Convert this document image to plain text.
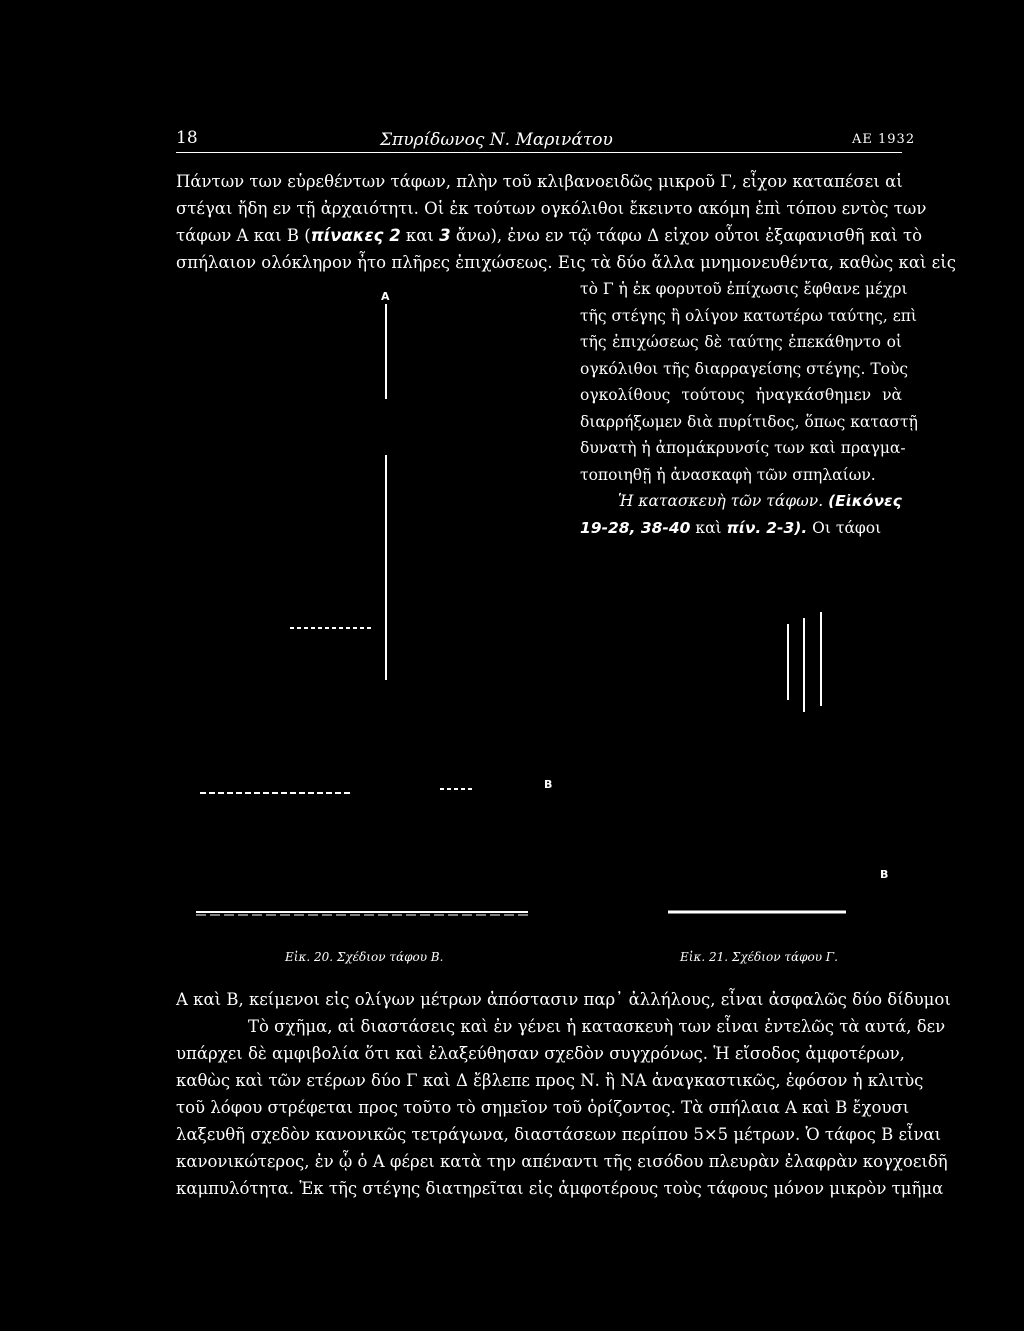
18	Σπυρίδωνος Ν. Μαρινάτου	ΑΕ 1932
Πάντων των εὑρεθέντων τάφων, πλὴν τοῦ κλιβανοειδῶς μικροῦ Γ, εἶχον καταπέσει αἱ
στέγαι ἤδη εν τῇ ἀρχαιότητι. Οἱ ἐκ τούτων ογκόλιθοι ἔκειντο ακόμη ἐπὶ τόπου εντὸς των
τάφων Α και Β (πίνακες 2 και 3 ἄνω), ἐνω εν τῷ τάφω Δ εἰχον οὗτοι ἐξαφανισθῆ καὶ τὸ
σπήλαιον ολόκληρον ἦτο πλῆρες ἐπιχώσεως. Εις τὰ δύο ἄλλα μνημονευθέντα, καθὼς καὶ εἰς
A
B
B
τὸ Γ ἡ ἐκ φορυτοῦ ἐπίχωσις ἔφθανε μέχρι
τῆς στέγης ἢ ολίγον κατωτέρω ταύτης, επὶ
τῆς ἐπιχώσεως δὲ ταύτης ἐπεκάθηντο οἱ
ογκόλιθοι τῆς διαρραγείσης στέγης. Τοὺς
ογκολίθους τούτους ἠναγκάσθημεν νὰ
διαρρήξωμεν διὰ πυρίτιδος, ὅπως καταστῇ
δυνατὴ ἡ ἀπομάκρυνσίς των καὶ πραγμα-
τοποιηθῇ ἡ ἀνασκαφὴ τῶν σπηλαίων.
Ἡ κατασκευὴ τῶν τάφων. (Εἰκόνες
19-28, 38-40 καὶ πίν. 2-3). Οι τάφοι
Εἰκ. 20. Σχέδιον τάφου Β.	Εἰκ. 21. Σχέδιον τάφου Γ.
Α καὶ Β, κείμενοι εἰς ολίγων μέτρων ἀπόστασιν παρ᾽ ἀλλήλους, εἶναι ἀσφαλῶς δύο δίδυμοι
Τὸ σχῆμα, αἱ διαστάσεις καὶ ἐν γένει ἡ κατασκευὴ των εἶναι ἐντελῶς τὰ αυτά, δεν
υπάρχει δὲ αμφιβολία ὅτι καὶ ἐλαξεύθησαν σχεδὸν συγχρόνως. Ἡ εἴσοδος ἀμφοτέρων,
καθὼς καὶ τῶν ετέρων δύο Γ καὶ Δ ἔβλεπε προς Ν. ἢ ΝΑ ἀναγκαστικῶς, ἐφόσον ἡ κλιτὺς
τοῦ λόφου στρέφεται προς τοῦτο τὸ σημεῖον τοῦ ὁρίζοντος. Τὰ σπήλαια Α καὶ Β ἔχουσι
λαξευθῆ σχεδὸν κανονικῶς τετράγωνα, διαστάσεων περίπου 5×5 μέτρων. Ὁ τάφος Β εἶναι
κανονικώτερος, ἐν ᾧ ὁ Α φέρει κατὰ την απέναντι τῆς εισόδου πλευρὰν ἐλαφρὰν κογχοειδῆ
καμπυλότητα. Ἐκ τῆς στέγης διατηρεῖται εἰς ἀμφοτέρους τοὺς τάφους μόνον μικρὸν τμῆμα
